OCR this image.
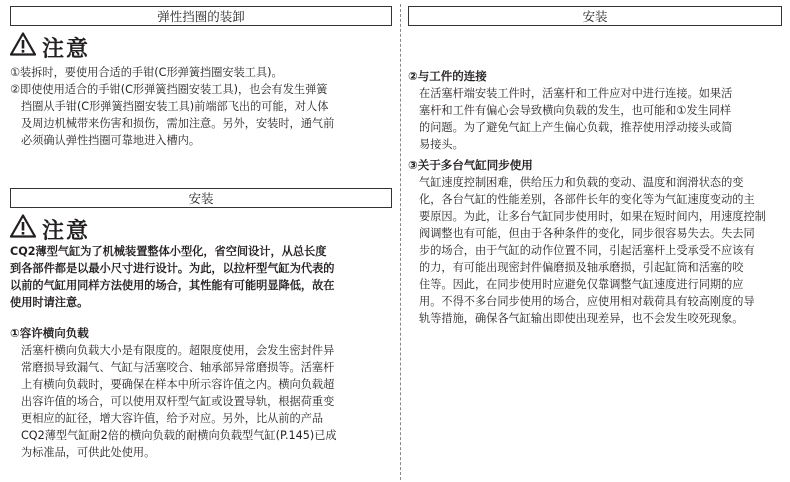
弹性挡圈的装卸
注意
①装拆时，要使用合适的手钳(C形弹簧挡圈安装工具)。
②即使使用适合的手钳(C形弹簧挡圈安装工具)，也会有发生弹簧
挡圈从手钳(C形弹簧挡圈安装工具)前端部飞出的可能，对人体
及周边机械带来伤害和损伤，需加注意。另外，安装时，通气前
必须确认弹性挡圈可靠地进入槽内。
安装
注意
CQ2薄型气缸为了机械装置整体小型化，省空间设计，从总长度
到各部件都是以最小尺寸进行设计。为此，以拉杆型气缸为代表的
以前的气缸用同样方法使用的场合，其性能有可能明显降低，故在
使用时请注意。
①容许横向负载
活塞杆横向负载大小是有限度的。超限度使用，会发生密封件异
常磨损导致漏气、气缸与活塞咬合、轴承部异常磨损等。活塞杆
上有横向负载时，要确保在样本中所示容许值之内。横向负载超
出容许值的场合，可以使用双杆型气缸或设置导轨，根据荷重变
更相应的缸径，增大容许值，给予对应。另外，比从前的产品
CQ2薄型气缸耐2倍的横向负载的耐横向负载型气缸(P.145)已成
为标准品，可供此处使用。
安装
②与工件的连接
在活塞杆端安装工件时，活塞杆和工件应对中进行连接。如果活
塞杆和工件有偏心会导致横向负载的发生，也可能和①发生同样
的问题。为了避免气缸上产生偏心负载，推荐使用浮动接头或简
易接头。
③关于多台气缸同步使用
气缸速度控制困难，供给压力和负载的变动、温度和润滑状态的变
化，各台气缸的性能差别，各部件长年的变化等为气缸速度变动的主
要原因。为此，让多台气缸同步使用时，如果在短时间内，用速度控制
阀调整也有可能，但由于各种条件的变化，同步很容易失去。失去同
步的场合，由于气缸的动作位置不同，引起活塞杆上受承受不应该有
的力，有可能出现密封件偏磨损及轴承磨损，引起缸筒和活塞的咬
住等。因此，在同步使用时应避免仅靠调整气缸速度进行同期的应
用。不得不多台同步使用的场合，应使用相对载荷具有较高刚度的导
轨等措施，确保各气缸输出即使出现差异，也不会发生咬死现象。
